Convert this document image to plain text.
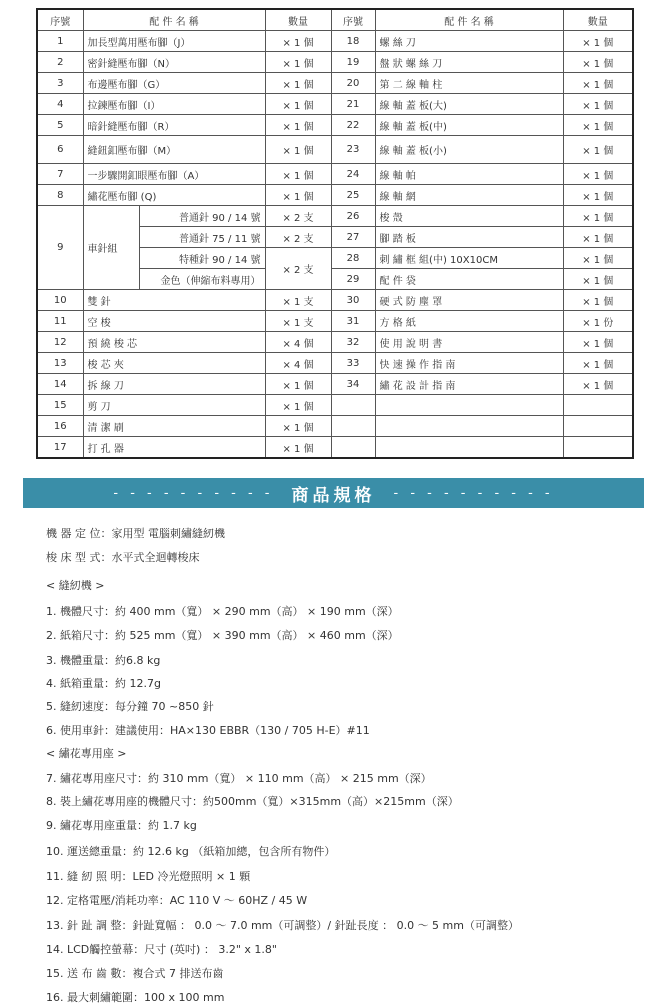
序號	配 件 名 稱		數量	序號	配 件 名 稱	數量
1	加長型萬用壓布腳（J）		× 1 個	18	螺 絲 刀	× 1 個
2	密針縫壓布腳（N）		× 1 個	19	盤 狀 螺 絲 刀	× 1 個
3	布邊壓布腳（G）		× 1 個	20	第 二 線 軸 柱	× 1 個
4	拉鍊壓布腳（I）		× 1 個	21	線 軸 蓋 板(大)	× 1 個
5	暗針縫壓布腳（R）		× 1 個	22	線 軸 蓋 板(中)	× 1 個
6	縫鈕釦壓布腳（M）		× 1 個	23	線 軸 蓋 板(小)	× 1 個
7	一步驟開釦眼壓布腳（A）		× 1 個	24	線 軸 帕	× 1 個
8	繡花壓布腳 (Q)		× 1 個	25	線 軸 網	× 1 個
9	車針組	普通針 90 / 14 號	× 2 支	26	梭 殼	× 1 個
		普通針 75 / 11 號	× 2 支	27	腳 踏 板	× 1 個
		特種針 90 / 14 號	× 2 支	28	刺 繡 框 組(中) 10X10CM	× 1 個
		金色（伸縮布料專用）		29	配 件 袋	× 1 個
10	雙 針		× 1 支	30	硬 式 防 塵 罩	× 1 個
11	空 梭		× 1 支	31	方 格 紙	× 1 份
12	預 繞 梭 芯		× 4 個	32	使 用 說 明 書	× 1 個
13	梭 芯 夾		× 4 個	33	快 速 操 作 指 南	× 1 個
14	拆 線 刀		× 1 個	34	繡 花 設 計 指 南	× 1 個
15	剪 刀		× 1 個			
16	清 潔 刷		× 1 個			
17	打 孔 器		× 1 個			
- - - - - - - - - - 商品規格 - - - - - - - - - -
機 器 定 位：家用型 電腦刺繡縫紉機
梭 床 型 式：水平式全迴轉梭床
< 縫紉機 >
1. 機體尺寸：約 400 mm（寬） × 290 mm（高） × 190 mm（深）
2. 紙箱尺寸：約 525 mm（寬） × 390 mm（高） × 460 mm（深）
3. 機體重量：約6.8 kg
4. 紙箱重量：約 12.7g
5. 縫紉速度：每分鐘 70 ~850 針
6. 使用車針：建議使用：HA×130 EBBR（130 / 705 H-E）#11
< 繡花專用座 >
7. 繡花專用座尺寸：約 310 mm（寬） × 110 mm（高） × 215 mm（深）
8. 裝上繡花專用座的機體尺寸：約500mm（寬）×315mm（高）×215mm（深）
9. 繡花專用座重量：約 1.7 kg
10. 運送總重量：約 12.6 kg （紙箱加總，包含所有物件）
11. 縫 紉 照 明：LED 冷光燈照明 × 1 顆
12. 定格電壓/消耗功率：AC 110 V ～ 60HZ / 45 W
13. 針 趾 調 整：針趾寬幅 ： 0.0 ～ 7.0 mm（可調整）/ 針趾長度 ： 0.0 ～ 5 mm（可調整）
14. LCD觸控螢幕：尺寸 (英吋) ： 3.2" x 1.8"
15. 送 布 齒 數：複合式 7 排送布齒
16. 最大刺繡範圍：100 x 100 mm
